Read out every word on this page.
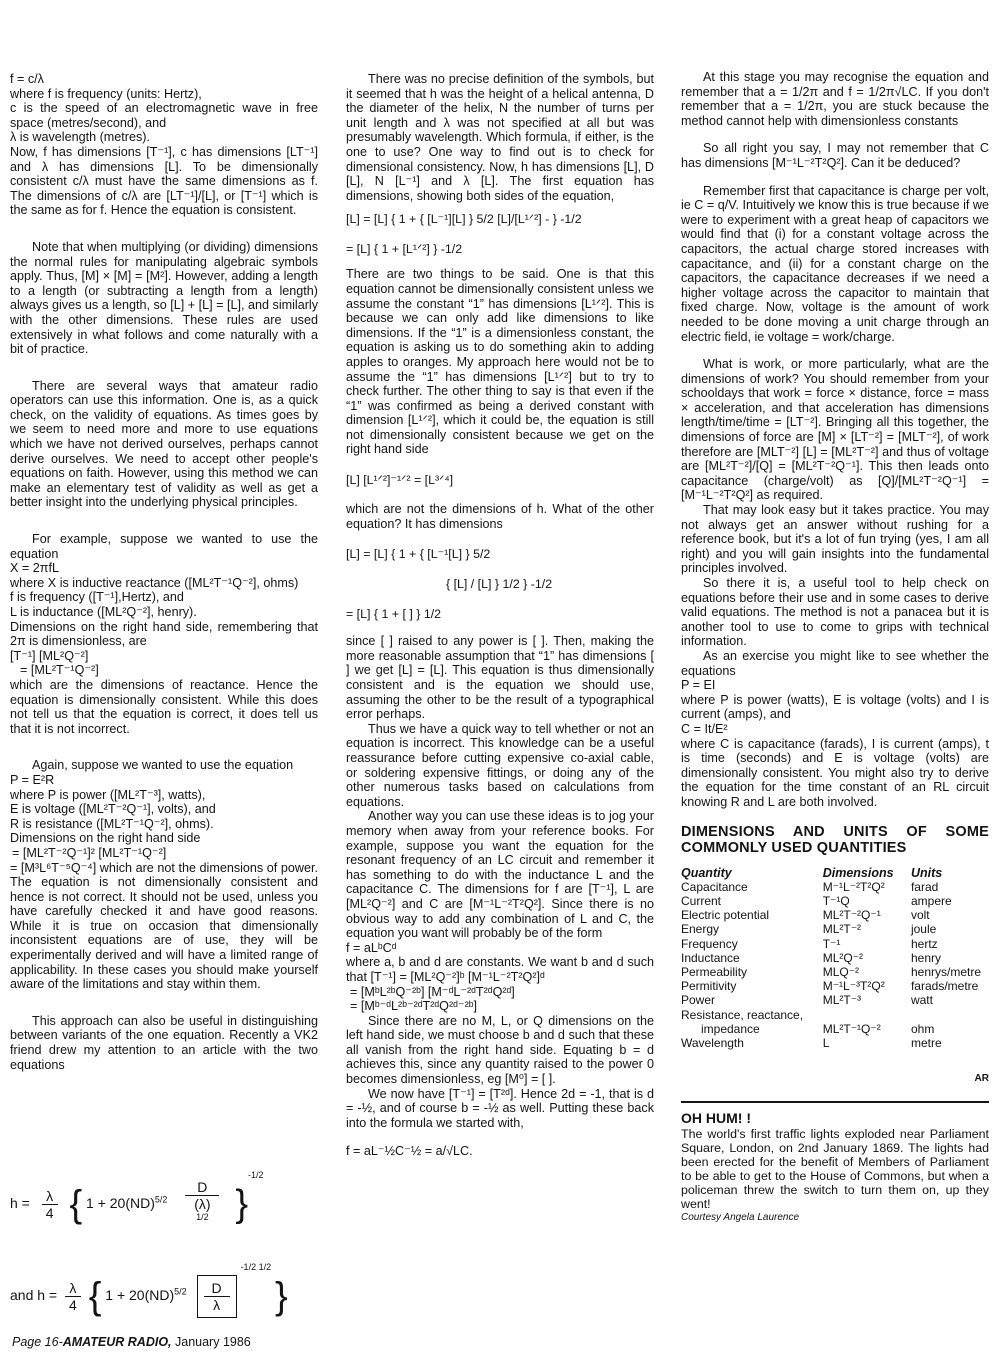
f = c/λ
where f is frequency (units: Hertz),
c is the speed of an electromagnetic wave in free space (metres/second), and
λ is wavelength (metres).

Now, f has dimensions [T⁻¹], c has dimensions [LT⁻¹] and λ has dimensions [L]. To be dimensionally consistent c/λ must have the same dimensions as f. The dimensions of c/λ are [LT⁻¹]/[L], or [T⁻¹] which is the same as for f. Hence the equation is consistent.

Note that when multiplying (or dividing) dimensions the normal rules for manipulating algebraic symbols apply. Thus, [M] × [M] = [M²]. However, adding a length to a length (or subtracting a length from a length) always gives us a length, so [L] + [L] = [L], and similarly with the other dimensions. These rules are used extensively in what follows and come naturally with a bit of practice.

There are several ways that amateur radio operators can use this information. One is, as a quick check, on the validity of equations. As times goes by we seem to need more and more to use equations which we have not derived ourselves, perhaps cannot derive ourselves. We need to accept other people's equations on faith. However, using this method we can make an elementary test of validity as well as get a better insight into the underlying physical principles.

For example, suppose we wanted to use the equation
X = 2πfL
where X is inductive reactance ([ML²T⁻¹Q⁻²], ohms)
f is frequency ([T⁻¹],Hertz), and
L is inductance ([ML²Q⁻²], henry).
Dimensions on the right hand side, remembering that 2π is dimensionless, are
[T⁻¹] [ML²Q⁻²]
= [ML²T⁻¹Q⁻²]
which are the dimensions of reactance. Hence the equation is dimensionally consistent. While this does not tell us that the equation is correct, it does tell us that it is not incorrect.

Again, suppose we wanted to use the equation
P = E²R
where P is power ([ML²T⁻³], watts),
E is voltage ([ML²T⁻²Q⁻¹], volts), and
R is resistance ([ML²T⁻¹Q⁻²], ohms).
Dimensions on the right hand side
= [ML²T⁻²Q⁻¹]² [ML²T⁻¹Q⁻²]
= [M³L⁶T⁻⁵Q⁻⁴] which are not the dimensions of power. The equation is not dimensionally consistent and hence is not correct. It should not be used, unless you have carefully checked it and have good reasons. While it is true on occasion that dimensionally inconsistent equations are of use, they will be experimentally derived and will have a limited range of applicability. In these cases you should make yourself aware of the limitations and stay within them.

This approach can also be useful in distinguishing between variants of the one equation. Recently a VK2 friend drew my attention to an article with the two equations

$h = \frac{\lambda}{4}$ { 1 + 20(ND)$^{5/2}$ D
(λ)
$^{1/2}$ }$^{-1/2}$
and $h = \frac{\lambda}{4}$ { $1 + 20(ND)^{5/2} \frac{D}{\lambda}$
$^{-1/2 1/2}$ }

There was no precise definition of the symbols, but it seemed that h was the height of a helical antenna, D the diameter of the helix, N the number of turns per unit length and λ was not specified at all but was presumably wavelength. Which formula, if either, is the one to use? One way to find out is to check for dimensional consistency. Now, h has dimensions [L], D [L], N [L⁻¹] and λ [L]. The first equation has dimensions, showing both sides of the equation,

[L] = [L] { 1 + { [L⁻¹][L] } 5/2 [L]/[L¹ᐟ²] - } -1/2
= [L] { 1 + [L¹ᐟ²] } -1/2

There are two things to be said. One is that this equation cannot be dimensionally consistent unless we assume the constant “1” has dimensions [L¹ᐟ²]. This is because we can only add like dimensions to like dimensions. If the “1” is a dimensionless constant, the equation is asking us to do something akin to adding apples to oranges. My approach here would not be to assume the “1” has dimensions [L¹ᐟ²] but to try to check further. The other thing to say is that even if the “1” was confirmed as being a derived constant with dimension [L¹ᐟ²], which it could be, the equation is still not dimensionally consistent because we get on the right hand side

[L] [L¹ᐟ²]⁻¹ᐟ² = [L³ᐟ⁴]

which are not the dimensions of h. What of the other equation? It has dimensions

[L] = [L] { 1 + { [L⁻¹[L] } 5/2
{ [L] / [L] } 1/2 } -1/2
= [L] { 1 + [ ] } 1/2

since [ ] raised to any power is [ ]. Then, making the more reasonable assumption that “1” has dimensions [ ] we get [L] = [L]. This equation is thus dimensionally consistent and is the equation we should use, assuming the other to be the result of a typographical error perhaps.

Thus we have a quick way to tell whether or not an equation is incorrect. This knowledge can be a useful reassurance before cutting expensive co-axial cable, or soldering expensive fittings, or doing any of the other numerous tasks based on calculations from equations.

Another way you can use these ideas is to jog your memory when away from your reference books. For example, suppose you want the equation for the resonant frequency of an LC circuit and remember it has something to do with the inductance L and the capacitance C. The dimensions for f are [T⁻¹], L are [ML²Q⁻²] and C are [M⁻¹L⁻²T²Q²]. Since there is no obvious way to add any combination of L and C, the equation you want will probably be of the form

f = aLᵇCᵈ
where a, b and d are constants. We want b and d such that [T⁻¹] = [ML²Q⁻²]ᵇ [M⁻¹L⁻²T²Q²]ᵈ
= [MᵇL²ᵇQ⁻²ᵇ] [M⁻ᵈL⁻²ᵈT²ᵈQ²ᵈ]
= [Mᵇ⁻ᵈL²ᵇ⁻²ᵈT²ᵈQ²ᵈ⁻²ᵇ]

Since there are no M, L, or Q dimensions on the left hand side, we must choose b and d such that these all vanish from the right hand side. Equating b = d achieves this, since any quantity raised to the power 0 becomes dimensionless, eg [M⁰] = [ ].

We now have [T⁻¹] = [T²ᵈ]. Hence 2d = -1, that is d = -½, and of course b = -½ as well. Putting these back into the formula we started with,

f = aL⁻½C⁻½ = a/√LC.

At this stage you may recognise the equation and remember that a = 1/2π and f = 1/2π√LC. If you don't remember that a = 1/2π, you are stuck because the method cannot help with dimensionless constants

So all right you say, I may not remember that C has dimensions [M⁻¹L⁻²T²Q²]. Can it be deduced?

Remember first that capacitance is charge per volt, ie C = q/V. Intuitively we know this is true because if we were to experiment with a great heap of capacitors we would find that (i) for a constant voltage across the capacitors, the actual charge stored increases with capacitance, and (ii) for a constant charge on the capacitors, the capacitance decreases if we need a higher voltage across the capacitor to maintain that fixed charge. Now, voltage is the amount of work needed to be done moving a unit charge through an electric field, ie voltage = work/charge.

What is work, or more particularly, what are the dimensions of work? You should remember from your schooldays that work = force × distance, force = mass × acceleration, and that acceleration has dimensions length/time/time = [LT⁻²]. Bringing all this together, the dimensions of force are [M] × [LT⁻²] = [MLT⁻²], of work therefore are [MLT⁻²] [L] = [ML²T⁻²] and thus of voltage are [ML²T⁻²]/[Q] = [ML²T⁻²Q⁻¹]. This then leads onto capacitance (charge/volt) as [Q]/[ML²T⁻²Q⁻¹] = [M⁻¹L⁻²T²Q²] as required.

That may look easy but it takes practice. You may not always get an answer without rushing for a reference book, but it's a lot of fun trying (yes, I am all right) and you will gain insights into the fundamental principles involved.

So there it is, a useful tool to help check on equations before their use and in some cases to derive valid equations. The method is not a panacea but it is another tool to use to come to grips with technical information.

As an exercise you might like to see whether the equations
P = EI
where P is power (watts), E is voltage (volts) and I is current (amps), and
C = It/E²
where C is capacitance (farads), I is current (amps), t is time (seconds) and E is voltage (volts) are dimensionally consistent. You might also try to derive the equation for the time constant of an RL circuit knowing R and L are both involved.

DIMENSIONS AND UNITS OF SOME COMMONLY USED QUANTITIES
Quantity	Dimensions	Units
Capacitance	M⁻¹L⁻²T²Q²	farad
Current	T⁻¹Q	ampere
Electric potential	ML²T⁻²Q⁻¹	volt
Energy	ML²T⁻²	joule
Frequency	T⁻¹	hertz
Inductance	ML²Q⁻²	henry
Permeability	MLQ⁻²	henrys/metre
Permitivity	M⁻¹L⁻³T²Q²	farads/metre
Power	ML²T⁻³	watt
Resistance, reactance,		
impedance	ML²T⁻¹Q⁻²	ohm
Wavelength	L	metre
AR
OH HUM! !
The world's first traffic lights exploded near Parliament Square, London, on 2nd January 1869. The lights had been erected for the benefit of Members of Parliament to be able to get to the House of Commons, but when a policeman threw the switch to turn them on, up they went!
Courtesy Angela Laurence
Page 16-AMATEUR RADIO, January 1986
